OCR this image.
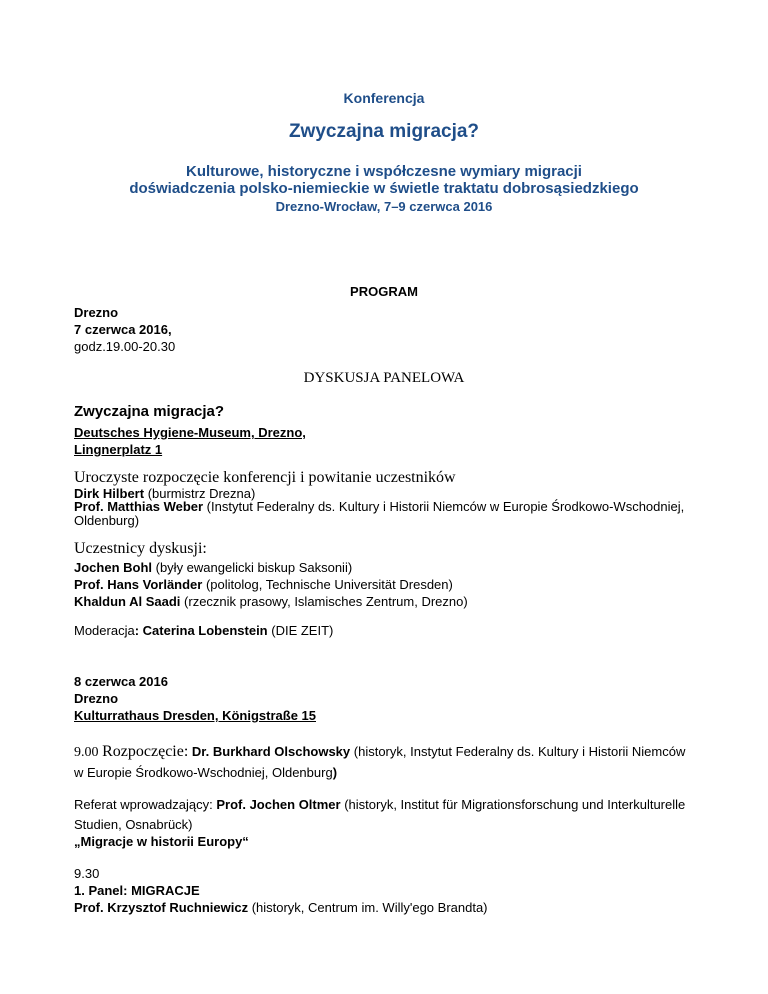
Konferencja
Zwyczajna migracja?
Kulturowe, historyczne i współczesne wymiary migracji
doświadczenia polsko-niemieckie w świetle traktatu dobrosąsiedzkiego
Drezno-Wrocław, 7–9 czerwca 2016
PROGRAM
Drezno
7 czerwca 2016,
godz.19.00-20.30
DYSKUSJA PANELOWA
Zwyczajna migracja?
Deutsches Hygiene-Museum, Drezno,
Lingnerplatz 1
Uroczyste rozpoczęcie konferencji i powitanie uczestników
Dirk Hilbert (burmistrz Drezna)
Prof. Matthias Weber (Instytut Federalny ds. Kultury i Historii Niemców w Europie Środkowo-Wschodniej,
Oldenburg)
Uczestnicy dyskusji:
Jochen Bohl (były ewangelicki biskup Saksonii)
Prof. Hans Vorländer (politolog, Technische Universität Dresden)
Khaldun Al Saadi (rzecznik prasowy, Islamisches Zentrum, Drezno)
Moderacja: Caterina Lobenstein (DIE ZEIT)
8 czerwca 2016
Drezno
Kulturrathaus Dresden, Königstraße 15
9.00 Rozpoczęcie: Dr. Burkhard Olschowsky (historyk, Instytut Federalny ds. Kultury i Historii Niemców
w Europie Środkowo-Wschodniej, Oldenburg)
Referat wprowadzający: Prof. Jochen Oltmer (historyk, Institut für Migrationsforschung und Interkulturelle
Studien, Osnabrück)
„Migracje w historii Europy“
9.30
1. Panel: MIGRACJE
Prof. Krzysztof Ruchniewicz (historyk, Centrum im. Willy'ego Brandta)
